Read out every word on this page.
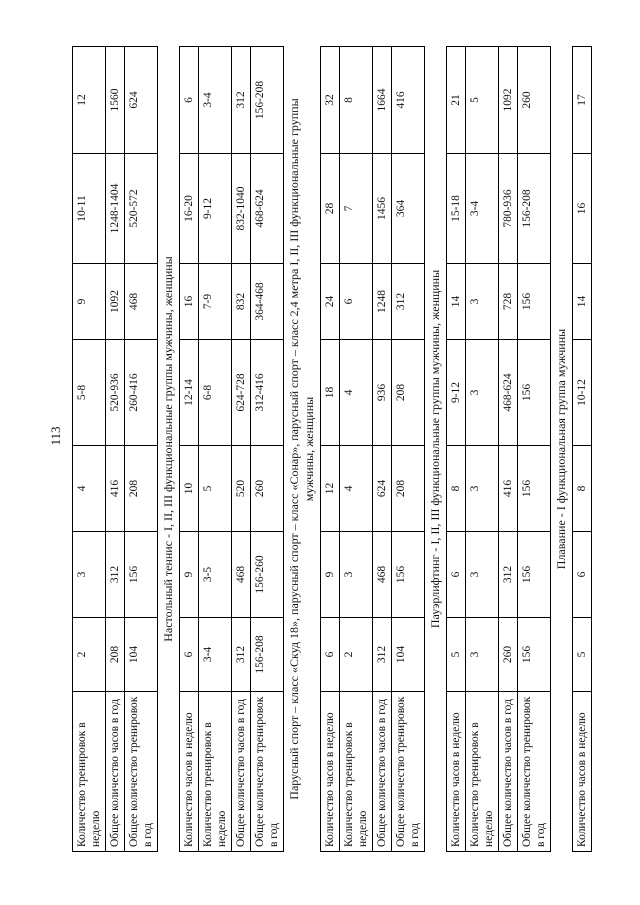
113
Количество тренировок в неделю	2	3	4	5-8	9	10-11	12
Общее количество часов в год	208	312	416	520-936	1092	1248-1404	1560
Общее количество тренировок в год	104	156	208	260-416	468	520-572	624
Настольный теннис - I, II, III функциональные группы мужчины, женщины							
Количество часов в неделю	6	9	10	12-14	16	16-20	6
Количество тренировок в неделю	3-4	3-5	5	6-8	7-9	9-12	3-4
Общее количество часов в год	312	468	520	624-728	832	832-1040	312
Общее количество тренировок в год	156-208	156-260	260	312-416	364-468	468-624	156-208
Парусный спорт – класс «Скуд 18», парусный спорт – класс «Сонар», парусный спорт – класс 2,4 метра I, II, III функциональные группы мужчины, женщины							
Количество часов в неделю	6	9	12	18	24	28	32
Количество тренировок в неделю	2	3	4	4	6	7	8
Общее количество часов в год	312	468	624	936	1248	1456	1664
Общее количество тренировок в год	104	156	208	208	312	364	416
Пауэрлифтинг - I, II, III функциональные группы мужчины, женщины							
Количество часов в неделю	5	6	8	9-12	14	15-18	21
Количество тренировок в неделю	3	3	3	3	3	3-4	5
Общее количество часов в год	260	312	416	468-624	728	780-936	1092
Общее количество тренировок в год	156	156	156	156	156	156-208	260
Плавание - I функциональная группа мужчины							
Количество часов в неделю	5	6	8	10-12	14	16	17
